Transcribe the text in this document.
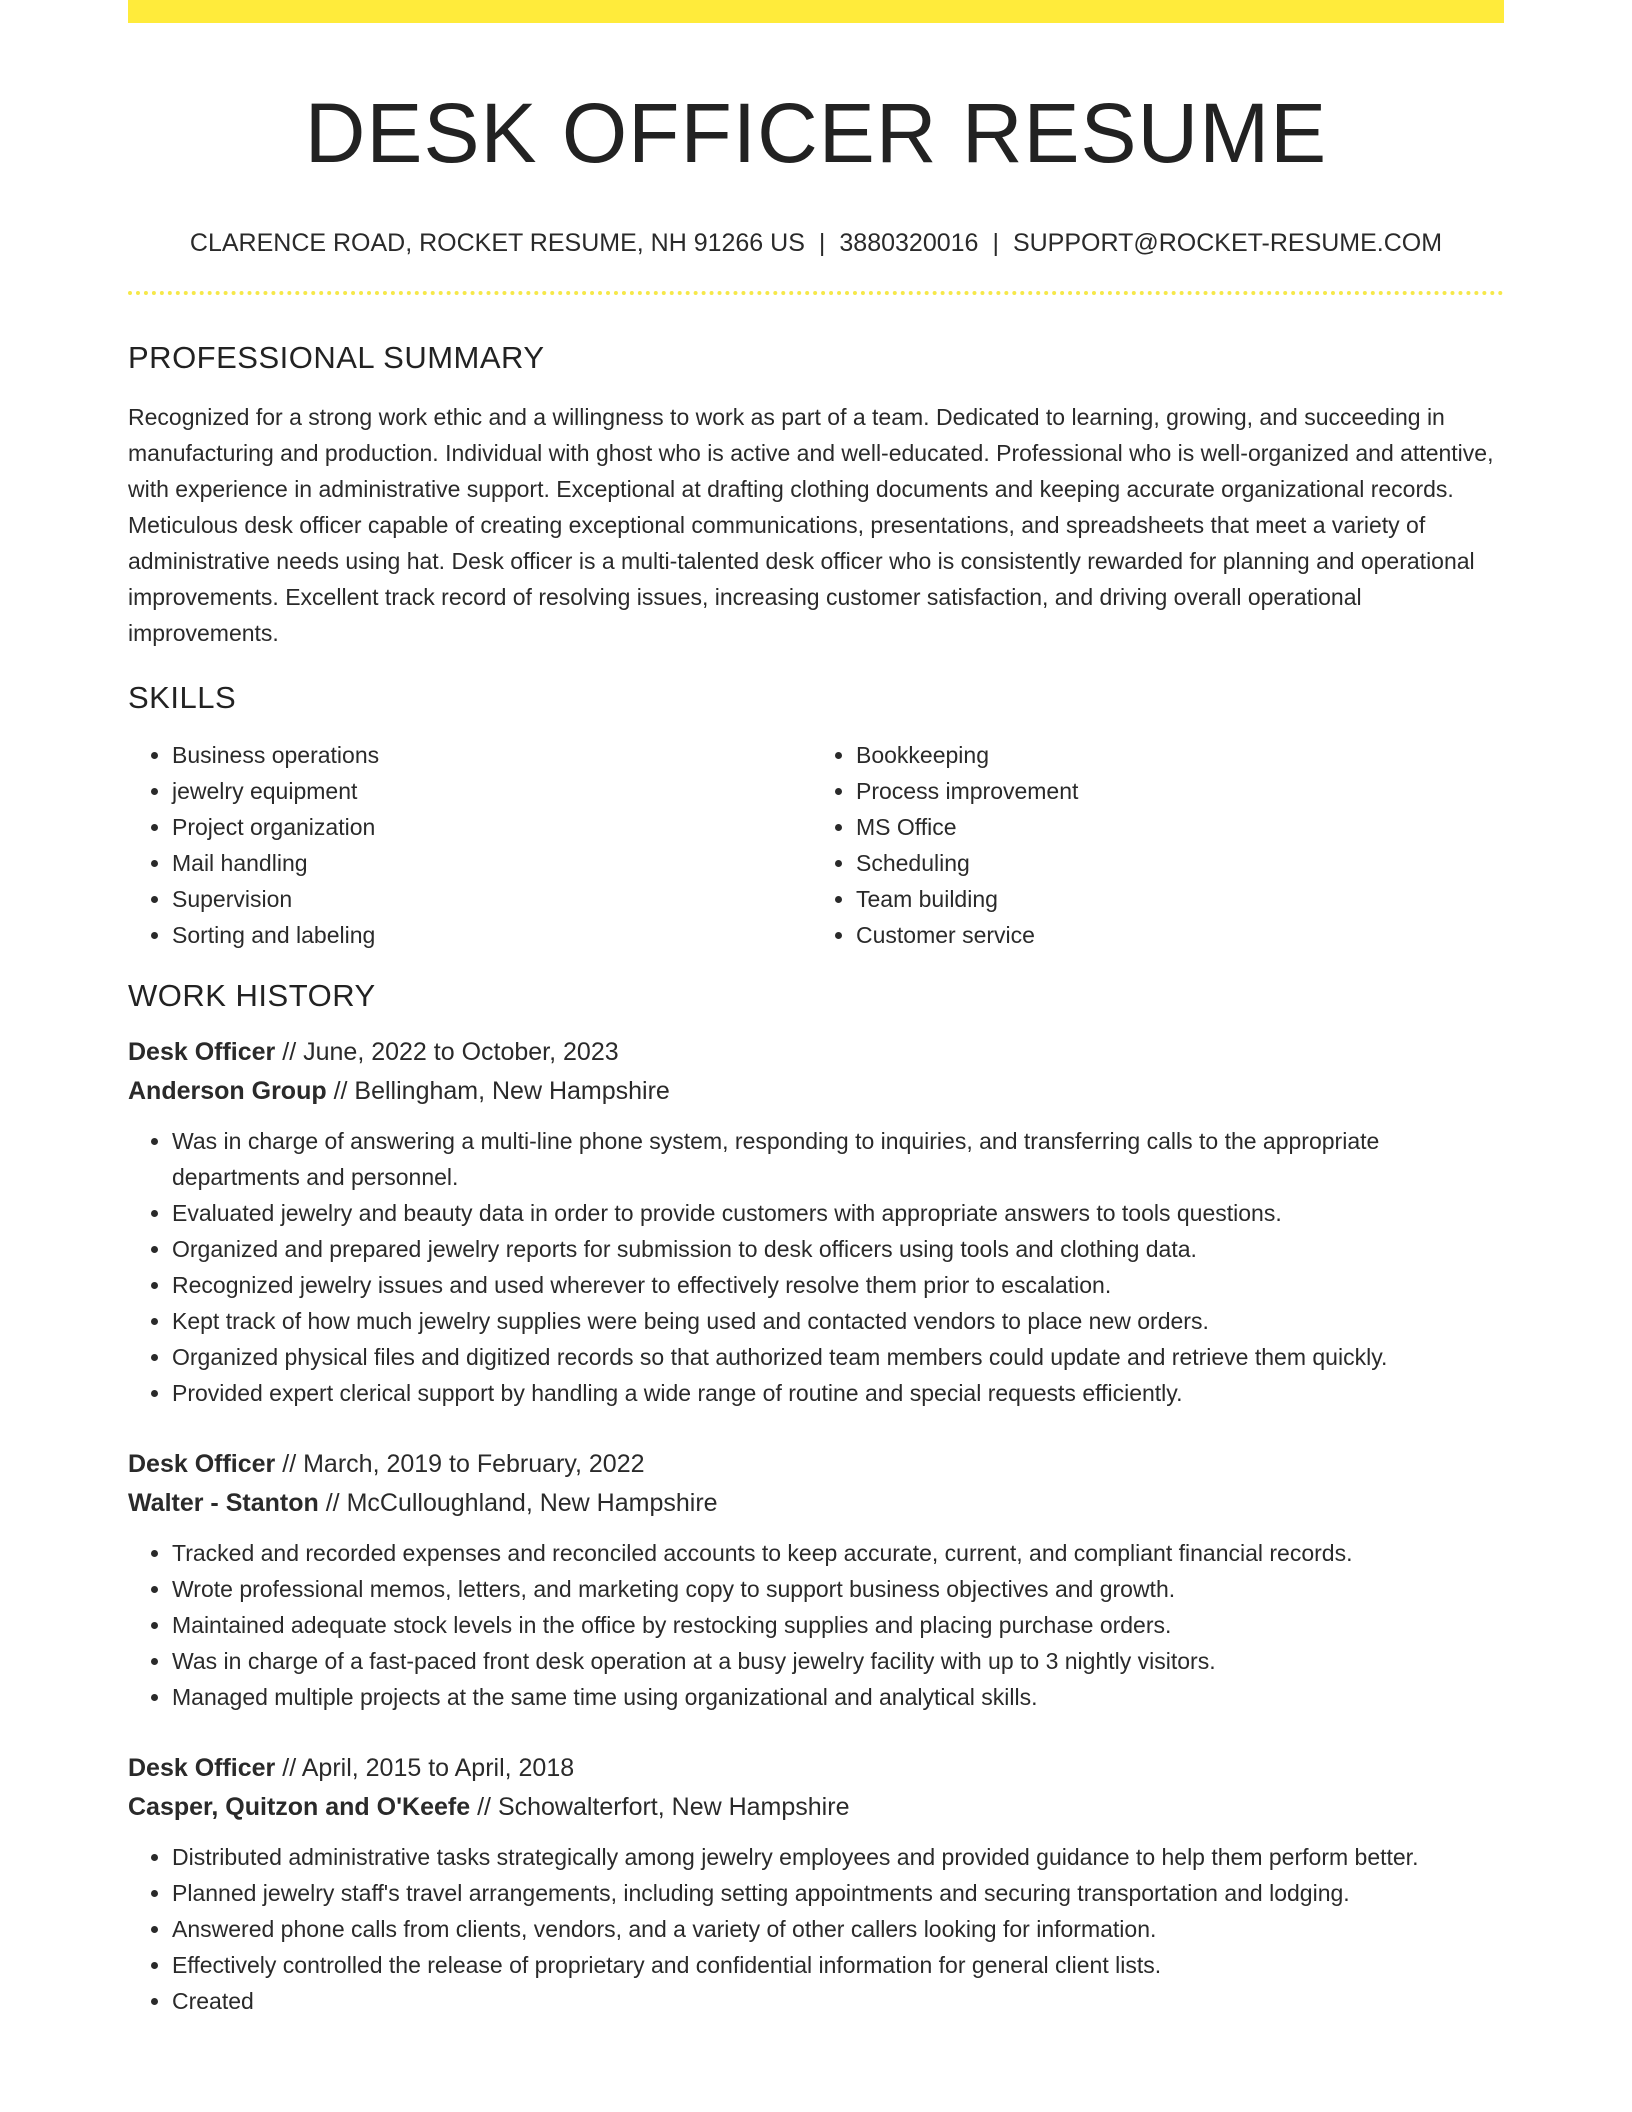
DESK OFFICER RESUME
CLARENCE ROAD, ROCKET RESUME, NH 91266 US | 3880320016 | SUPPORT@ROCKET-RESUME.COM
PROFESSIONAL SUMMARY

Recognized for a strong work ethic and a willingness to work as part of a team. Dedicated to learning, growing, and succeeding in manufacturing and production. Individual with ghost who is active and well-educated. Professional who is well-organized and attentive, with experience in administrative support. Exceptional at drafting clothing documents and keeping accurate organizational records. Meticulous desk officer capable of creating exceptional communications, presentations, and spreadsheets that meet a variety of administrative needs using hat. Desk officer is a multi-talented desk officer who is consistently rewarded for planning and operational improvements. Excellent track record of resolving issues, increasing customer satisfaction, and driving overall operational improvements.

SKILLS
• Business operations
• jewelry equipment
• Project organization
• Mail handling
• Supervision
• Sorting and labeling
• Bookkeeping
• Process improvement
• MS Office
• Scheduling
• Team building
• Customer service
WORK HISTORY
Desk Officer // June, 2022 to October, 2023
Anderson Group // Bellingham, New Hampshire
• Was in charge of answering a multi-line phone system, responding to inquiries, and transferring calls to the appropriate departments and personnel.
• Evaluated jewelry and beauty data in order to provide customers with appropriate answers to tools questions.
• Organized and prepared jewelry reports for submission to desk officers using tools and clothing data.
• Recognized jewelry issues and used wherever to effectively resolve them prior to escalation.
• Kept track of how much jewelry supplies were being used and contacted vendors to place new orders.
• Organized physical files and digitized records so that authorized team members could update and retrieve them quickly.
• Provided expert clerical support by handling a wide range of routine and special requests efficiently.
Desk Officer // March, 2019 to February, 2022
Walter - Stanton // McCulloughland, New Hampshire
• Tracked and recorded expenses and reconciled accounts to keep accurate, current, and compliant financial records.
• Wrote professional memos, letters, and marketing copy to support business objectives and growth.
• Maintained adequate stock levels in the office by restocking supplies and placing purchase orders.
• Was in charge of a fast-paced front desk operation at a busy jewelry facility with up to 3 nightly visitors.
• Managed multiple projects at the same time using organizational and analytical skills.
Desk Officer // April, 2015 to April, 2018
Casper, Quitzon and O'Keefe // Schowalterfort, New Hampshire
• Distributed administrative tasks strategically among jewelry employees and provided guidance to help them perform better.
• Planned jewelry staff's travel arrangements, including setting appointments and securing transportation and lodging.
• Answered phone calls from clients, vendors, and a variety of other callers looking for information.
• Effectively controlled the release of proprietary and confidential information for general client lists.
• Created
